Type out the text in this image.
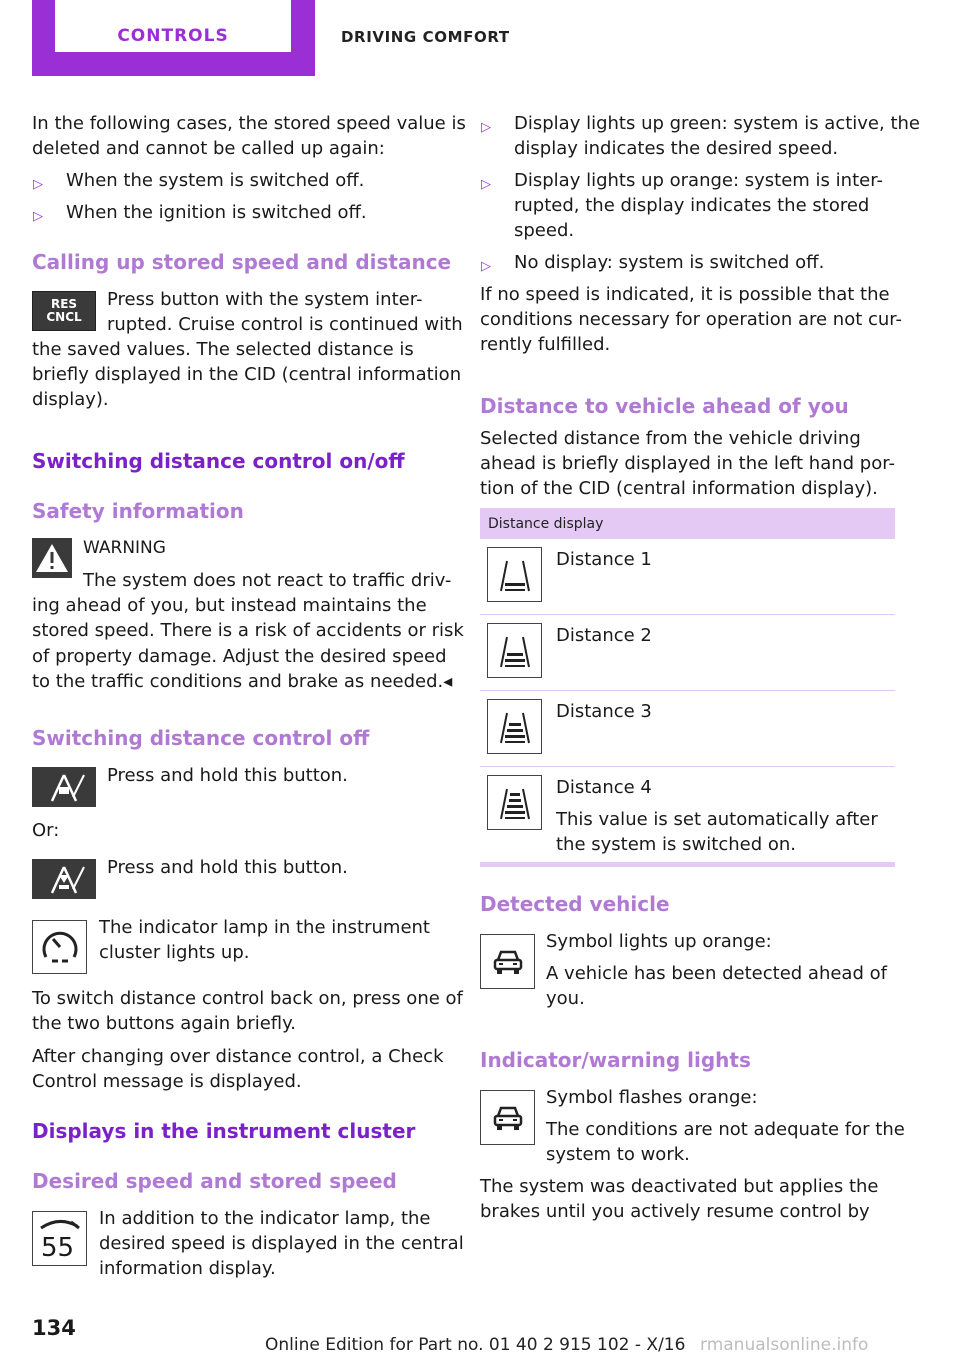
CONTROLS	DRIVING COMFORT
In the following cases, the stored speed value is
deleted and cannot be called up again:
▷ When the system is switched off.
▷ When the ignition is switched off.
Calling up stored speed and distance
RES
CNCL
Press button with the system inter-
rupted. Cruise control is continued with
the saved values. The selected distance is
briefly displayed in the CID (central information
display).
Switching distance control on/off
Safety information
WARNING
The system does not react to traffic driv-
ing ahead of you, but instead maintains the
stored speed. There is a risk of accidents or risk
of property damage. Adjust the desired speed
to the traffic conditions and brake as needed.◂
Switching distance control off
Press and hold this button.
Or:
Press and hold this button.
The indicator lamp in the instrument
cluster lights up.
To switch distance control back on, press one of
the two buttons again briefly.
After changing over distance control, a Check
Control message is displayed.
Displays in the instrument cluster
Desired speed and stored speed
55
In addition to the indicator lamp, the
desired speed is displayed in the central
information display.
▷ Display lights up green: system is active, the
display indicates the desired speed.
▷ Display lights up orange: system is inter-
rupted, the display indicates the stored
speed.
▷ No display: system is switched off.
If no speed is indicated, it is possible that the
conditions necessary for operation are not cur-
rently fulfilled.
Distance to vehicle ahead of you
Selected distance from the vehicle driving
ahead is briefly displayed in the left hand por-
tion of the CID (central information display).
Distance display
Distance 1
Distance 2
Distance 3
Distance 4
This value is set automatically after
the system is switched on.
Detected vehicle
Symbol lights up orange:
A vehicle has been detected ahead of
you.
Indicator/warning lights
Symbol flashes orange:
The conditions are not adequate for the
system to work.
The system was deactivated but applies the
brakes until you actively resume control by
134
Online Edition for Part no. 01 40 2 915 102 - X/16 rmanualsonline.info
